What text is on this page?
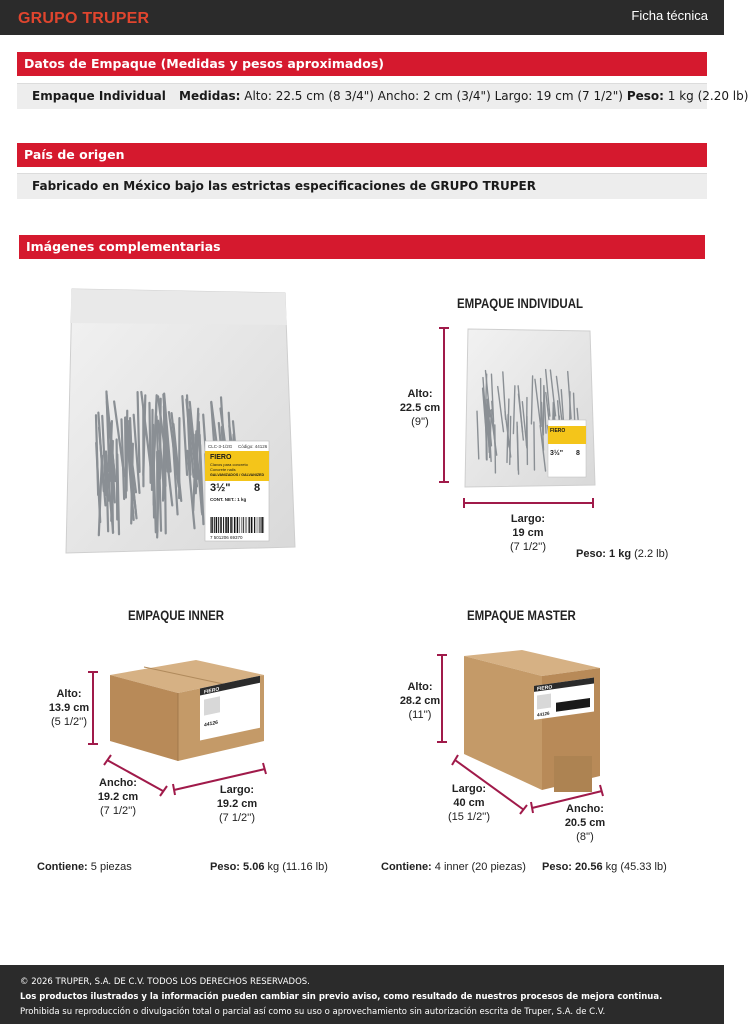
GRUPO TRUPER	Ficha técnica
Datos de Empaque (Medidas y pesos aproximados)
Empaque Individual Medidas: Alto: 22.5 cm (8 3/4") Ancho: 2 cm (3/4") Largo: 19 cm (7 1/2") Peso: 1 kg (2.20 lb)
País de origen
Fabricado en México bajo las estrictas especificaciones de GRUPO TRUPER
Imágenes complementarias
CLC-3-1/2G Código: 44126
FIERO
Clavos para concreto
Concrete nails
GALVANIZADOS / GALVANIZED
3½" 8
CONT. NET.: 1 kg
7 501206 69370
EMPAQUE INDIVIDUAL
FIERO
3½" 8
Alto:
22.5 cm
(9'')
Largo:
19 cm
(7 1/2'')
Peso: 1 kg (2.2 lb)
EMPAQUE INNER
FIERO
44126
Alto:
13.9 cm
(5 1/2'')
Ancho:
19.2 cm
(7 1/2'')
Largo:
19.2 cm
(7 1/2'')
Contiene: 5 piezas	Peso: 5.06 kg (11.16 lb)
EMPAQUE MASTER
FIERO
44126
Alto:
28.2 cm
(11'')
Largo:
40 cm
(15 1/2'')
Ancho:
20.5 cm
(8'')
Contiene: 4 inner (20 piezas) Peso: 20.56 kg (45.33 lb)
© 2026 TRUPER, S.A. DE C.V. TODOS LOS DERECHOS RESERVADOS.
Los productos ilustrados y la información pueden cambiar sin previo aviso, como resultado de nuestros procesos de mejora continua.
Prohibida su reproducción o divulgación total o parcial así como su uso o aprovechamiento sin autorización escrita de Truper, S.A. de C.V.
